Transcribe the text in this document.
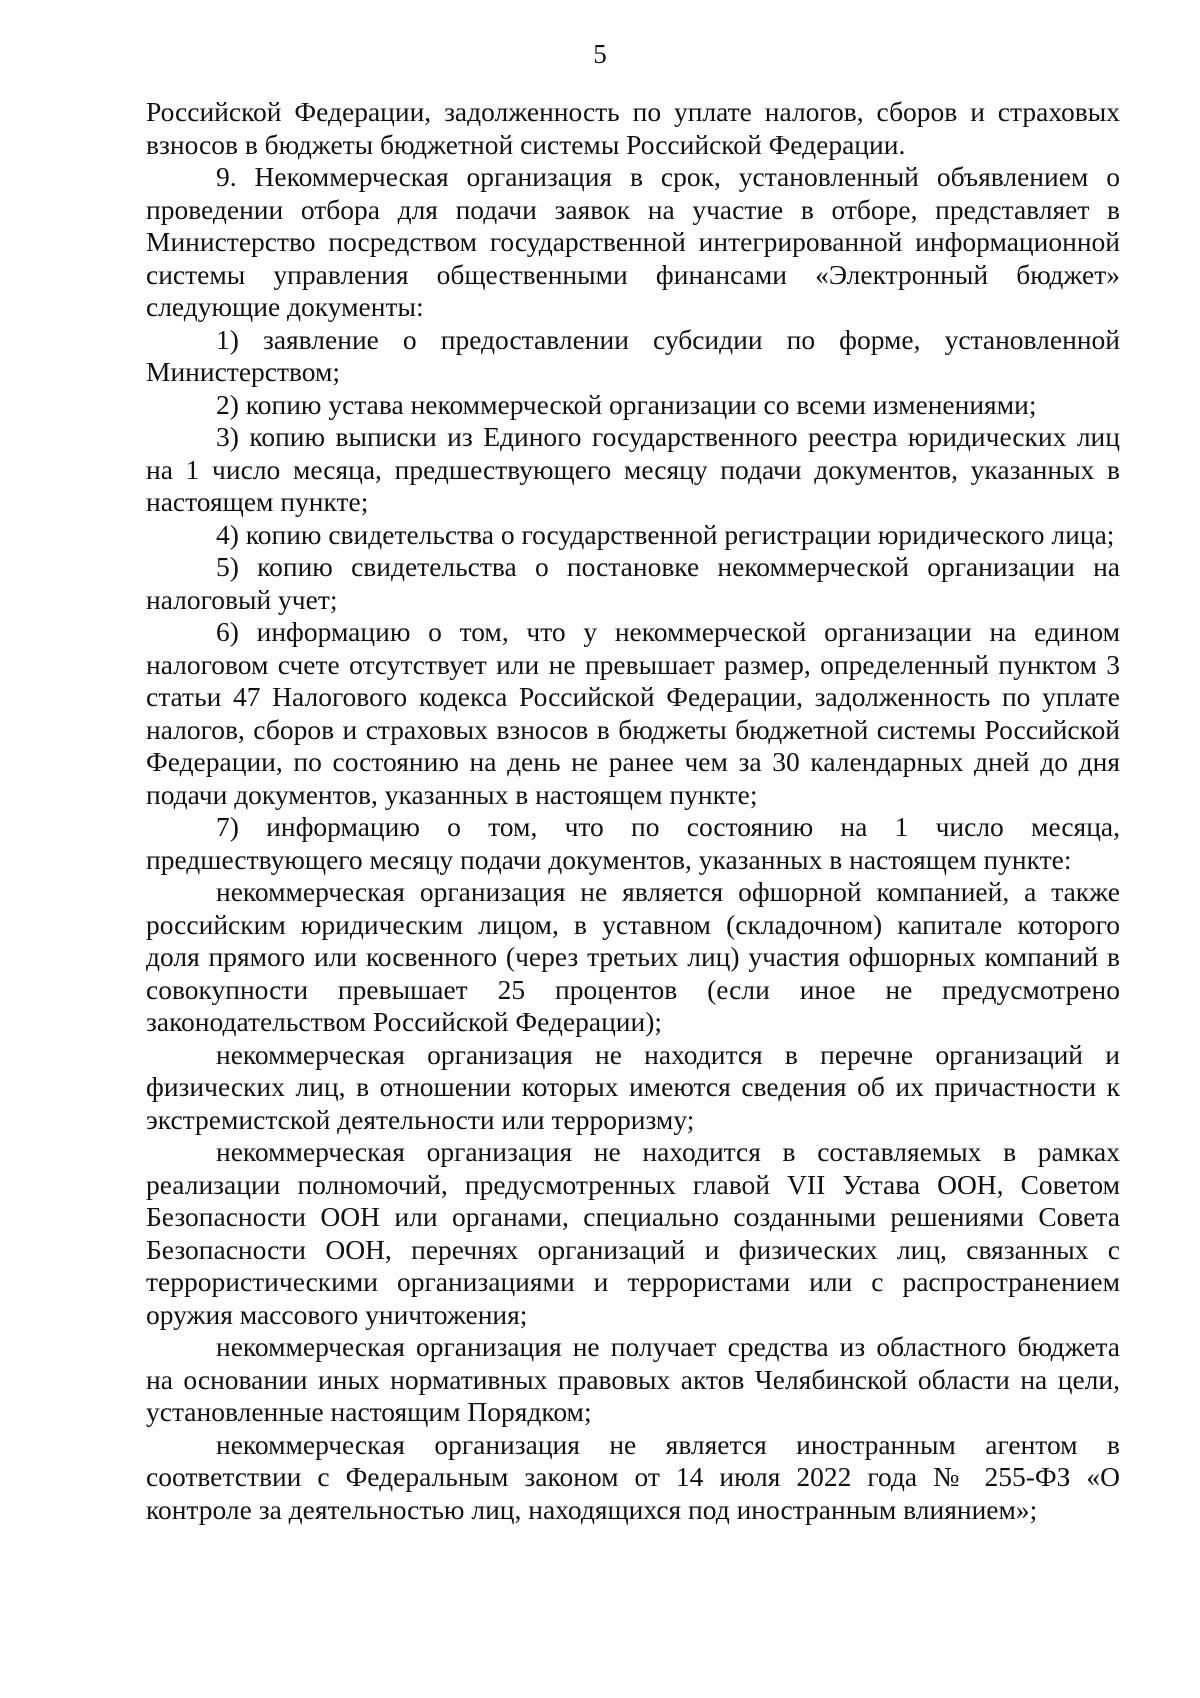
5

Российской Федерации, задолженность по уплате налогов, сборов и страховых взносов в бюджеты бюджетной системы Российской Федерации.

9. Некоммерческая организация в срок, установленный объявлением о проведении отбора для подачи заявок на участие в отборе, представляет в Министерство посредством государственной интегрированной информационной системы управления общественными финансами «Электронный бюджет» следующие документы:

1) заявление о предоставлении субсидии по форме, установленной Министерством;

2) копию устава некоммерческой организации со всеми изменениями;

3) копию выписки из Единого государственного реестра юридических лиц на 1 число месяца, предшествующего месяцу подачи документов, указанных в настоящем пункте;

4) копию свидетельства о государственной регистрации юридического лица;

5) копию свидетельства о постановке некоммерческой организации на налоговый учет;

6) информацию о том, что у некоммерческой организации на едином налоговом счете отсутствует или не превышает размер, определенный пунктом 3 статьи 47 Налогового кодекса Российской Федерации, задолженность по уплате налогов, сборов и страховых взносов в бюджеты бюджетной системы Российской Федерации, по состоянию на день не ранее чем за 30 календарных дней до дня подачи документов, указанных в настоящем пункте;

7) информацию о том, что по состоянию на 1 число месяца, предшествующего месяцу подачи документов, указанных в настоящем пункте:

некоммерческая организация не является офшорной компанией, а также российским юридическим лицом, в уставном (складочном) капитале которого доля прямого или косвенного (через третьих лиц) участия офшорных компаний в совокупности превышает 25 процентов (если иное не предусмотрено законодательством Российской Федерации);

некоммерческая организация не находится в перечне организаций и физических лиц, в отношении которых имеются сведения об их причастности к экстремистской деятельности или терроризму;

некоммерческая организация не находится в составляемых в рамках реализации полномочий, предусмотренных главой VII Устава ООН, Советом Безопасности ООН или органами, специально созданными решениями Совета Безопасности ООН, перечнях организаций и физических лиц, связанных с террористическими организациями и террористами или с распространением оружия массового уничтожения;

некоммерческая организация не получает средства из областного бюджета на основании иных нормативных правовых актов Челябинской области на цели, установленные настоящим Порядком;

некоммерческая организация не является иностранным агентом в соответствии с Федеральным законом от 14 июля 2022 года № 255-ФЗ «О контроле за деятельностью лиц, находящихся под иностранным влиянием»;
